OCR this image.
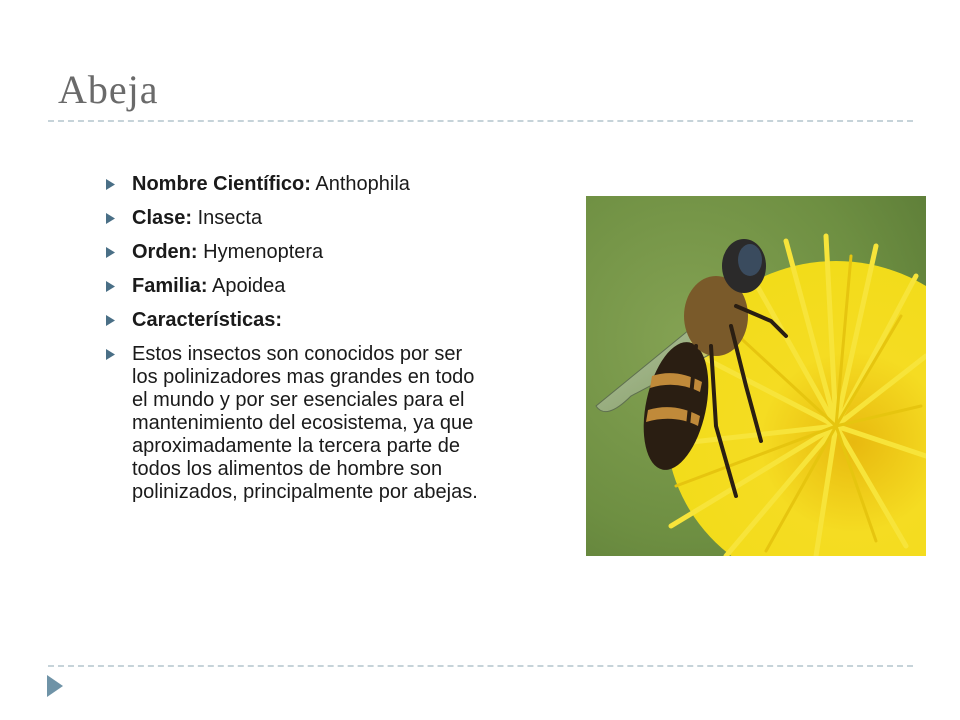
Abeja
Nombre Científico: Anthophila
Clase: Insecta
Orden: Hymenoptera
Familia: Apoidea
Características:
Estos insectos son conocidos por ser los polinizadores mas grandes en todo el mundo y por ser esenciales para el mantenimiento del ecosistema, ya que aproximadamente la tercera parte de todos los alimentos de hombre son polinizados, principalmente por abejas.
